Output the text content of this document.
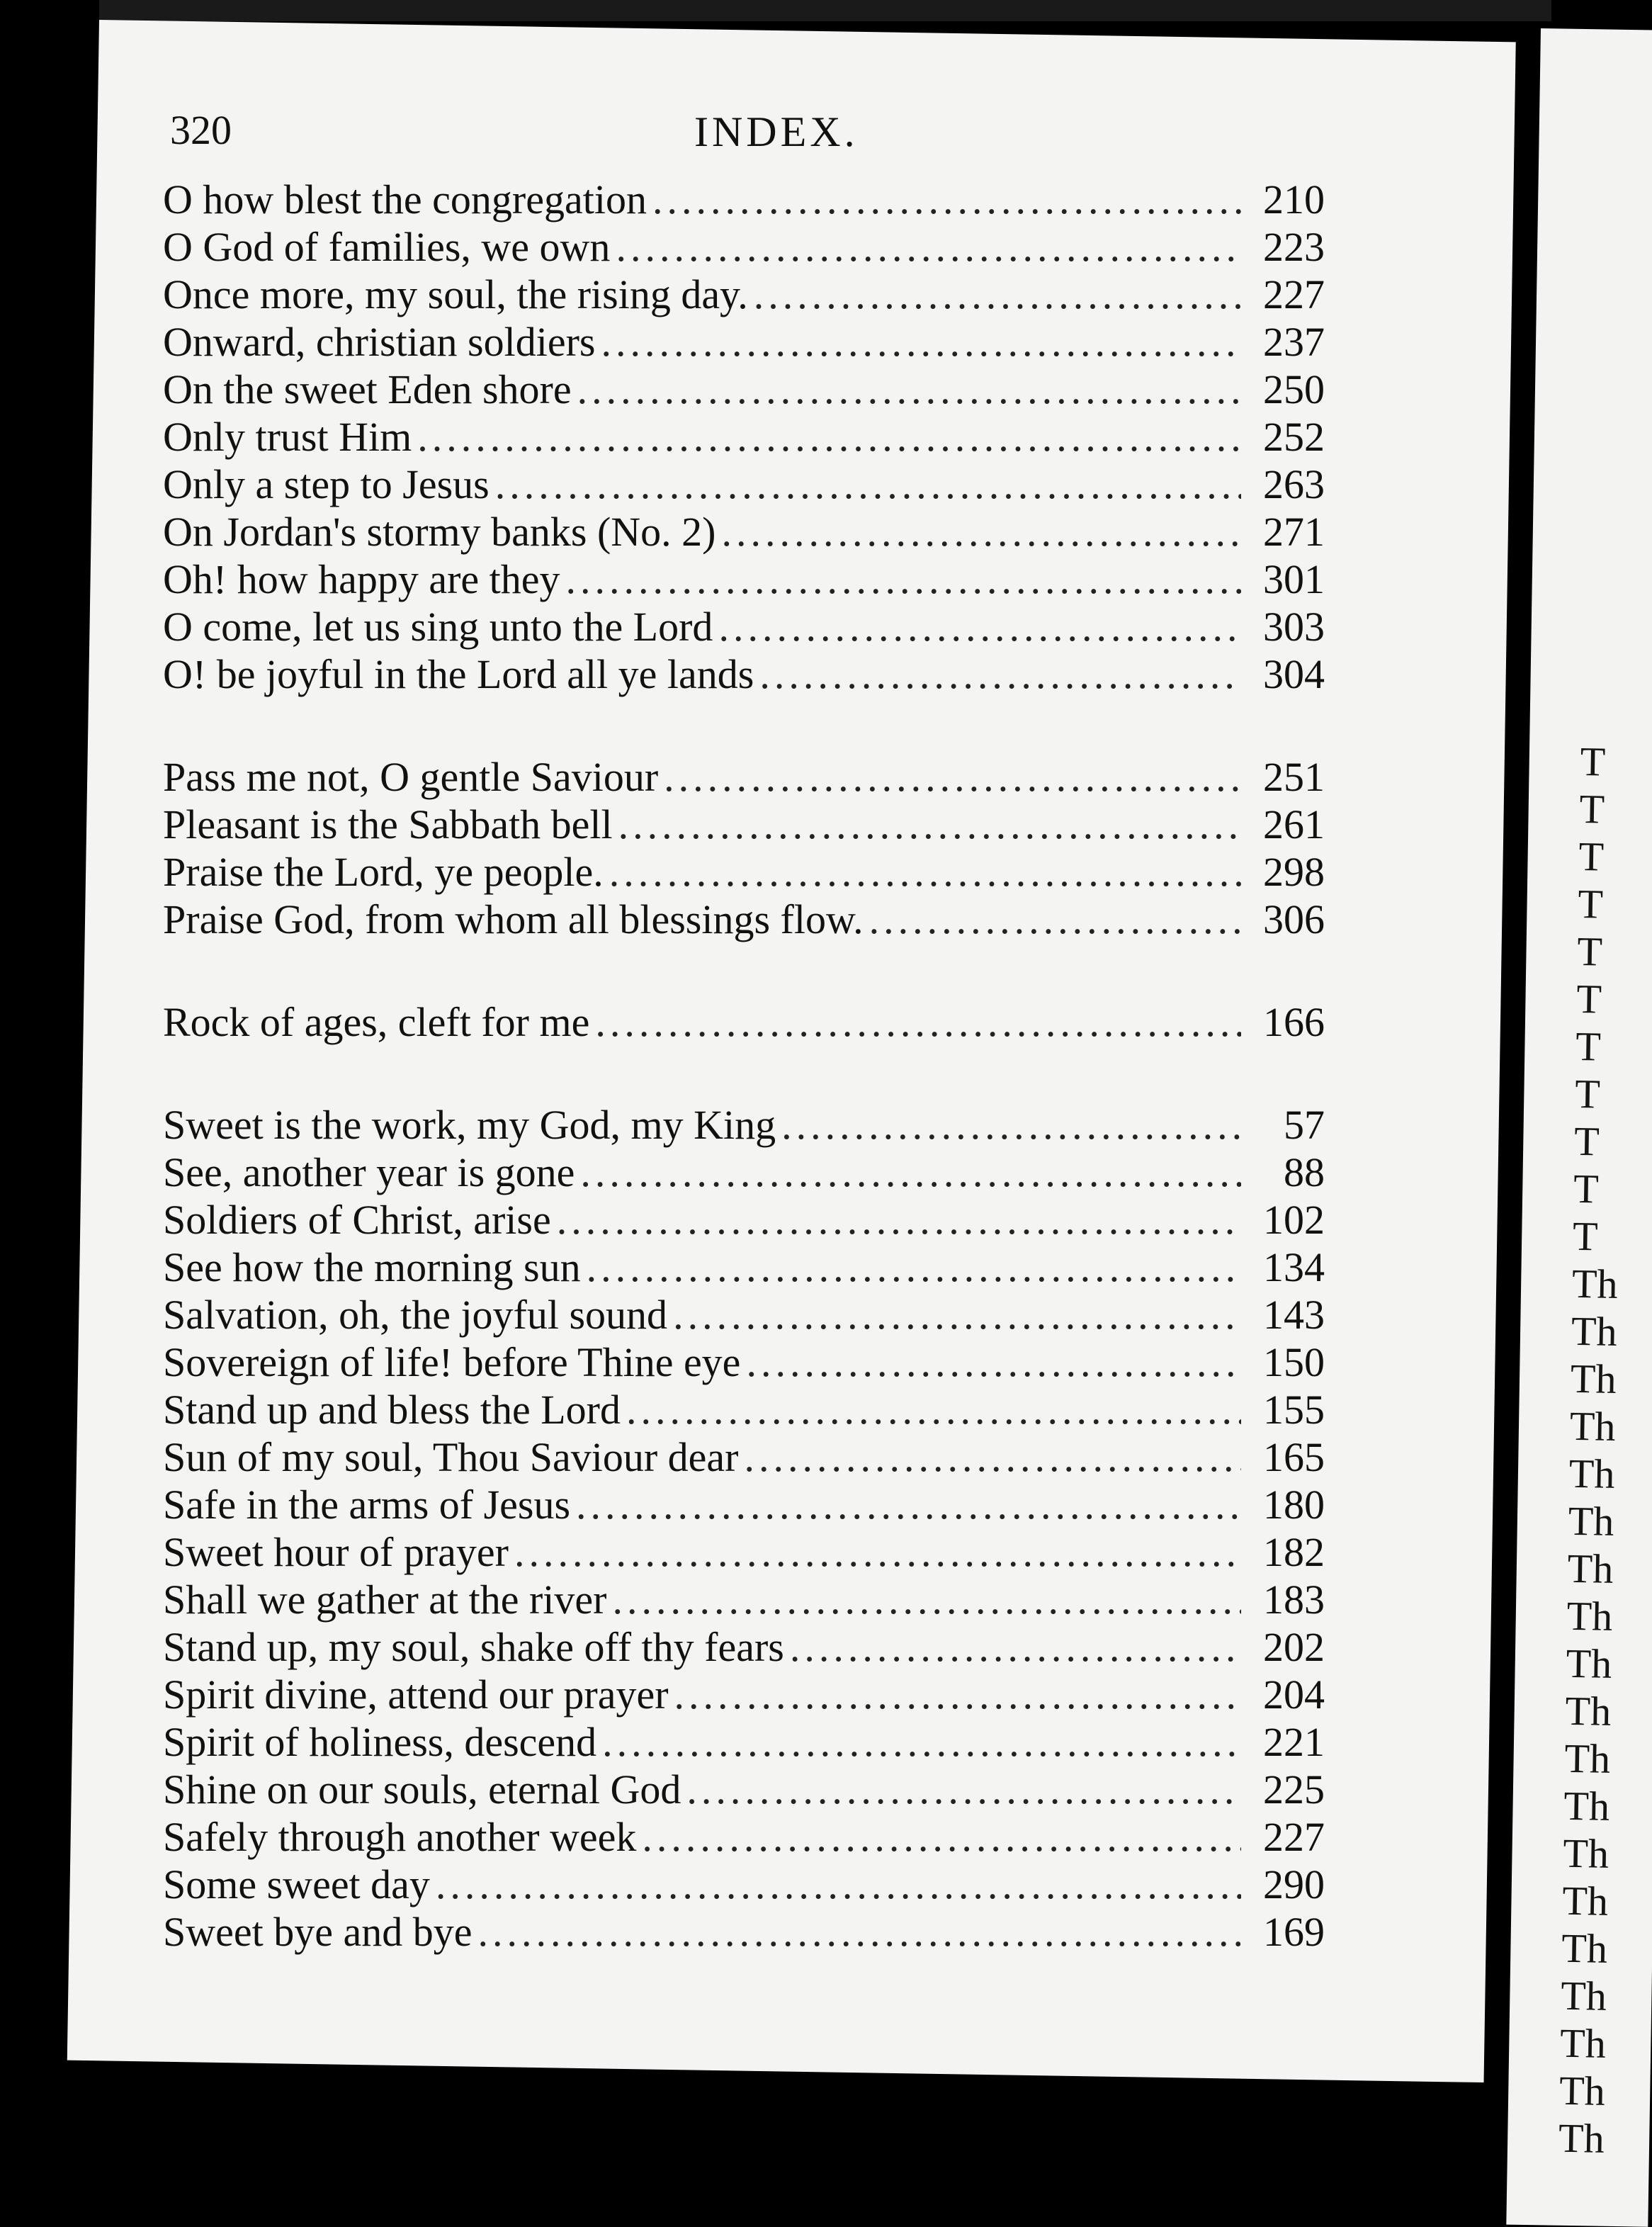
T
T
T
T
T
T
T
T
T
T
T
Th
Th
Th
Th
Th
Th
Th
Th
Th
Th
Th
Th
Th
Th
Th
Th
Th
Th
Th
320	INDEX.
O how blest the congregation .....	210
O God of families, we own .....	223
Once more, my soul, the rising day. .....	227
Onward, christian soldiers .....	237
On the sweet Eden shore .....	250
Only trust Him .....	252
Only a step to Jesus .....	263
On Jordan's stormy banks (No. 2) .....	271
Oh! how happy are they .....	301
O come, let us sing unto the Lord .....	303
O! be joyful in the Lord all ye lands .....	304
Pass me not, O gentle Saviour .....	251
Pleasant is the Sabbath bell .....	261
Praise the Lord, ye people. .....	298
Praise God, from whom all blessings flow. .....	306
Rock of ages, cleft for me .....	166
Sweet is the work, my God, my King .....	57
See, another year is gone .....	88
Soldiers of Christ, arise .....	102
See how the morning sun .....	134
Salvation, oh, the joyful sound .....	143
Sovereign of life! before Thine eye .....	150
Stand up and bless the Lord .....	155
Sun of my soul, Thou Saviour dear .....	165
Safe in the arms of Jesus .....	180
Sweet hour of prayer .....	182
Shall we gather at the river .....	183
Stand up, my soul, shake off thy fears .....	202
Spirit divine, attend our prayer .....	204
Spirit of holiness, descend .....	221
Shine on our souls, eternal God .....	225
Safely through another week .....	227
Some sweet day .....	290
Sweet bye and bye .....	169
